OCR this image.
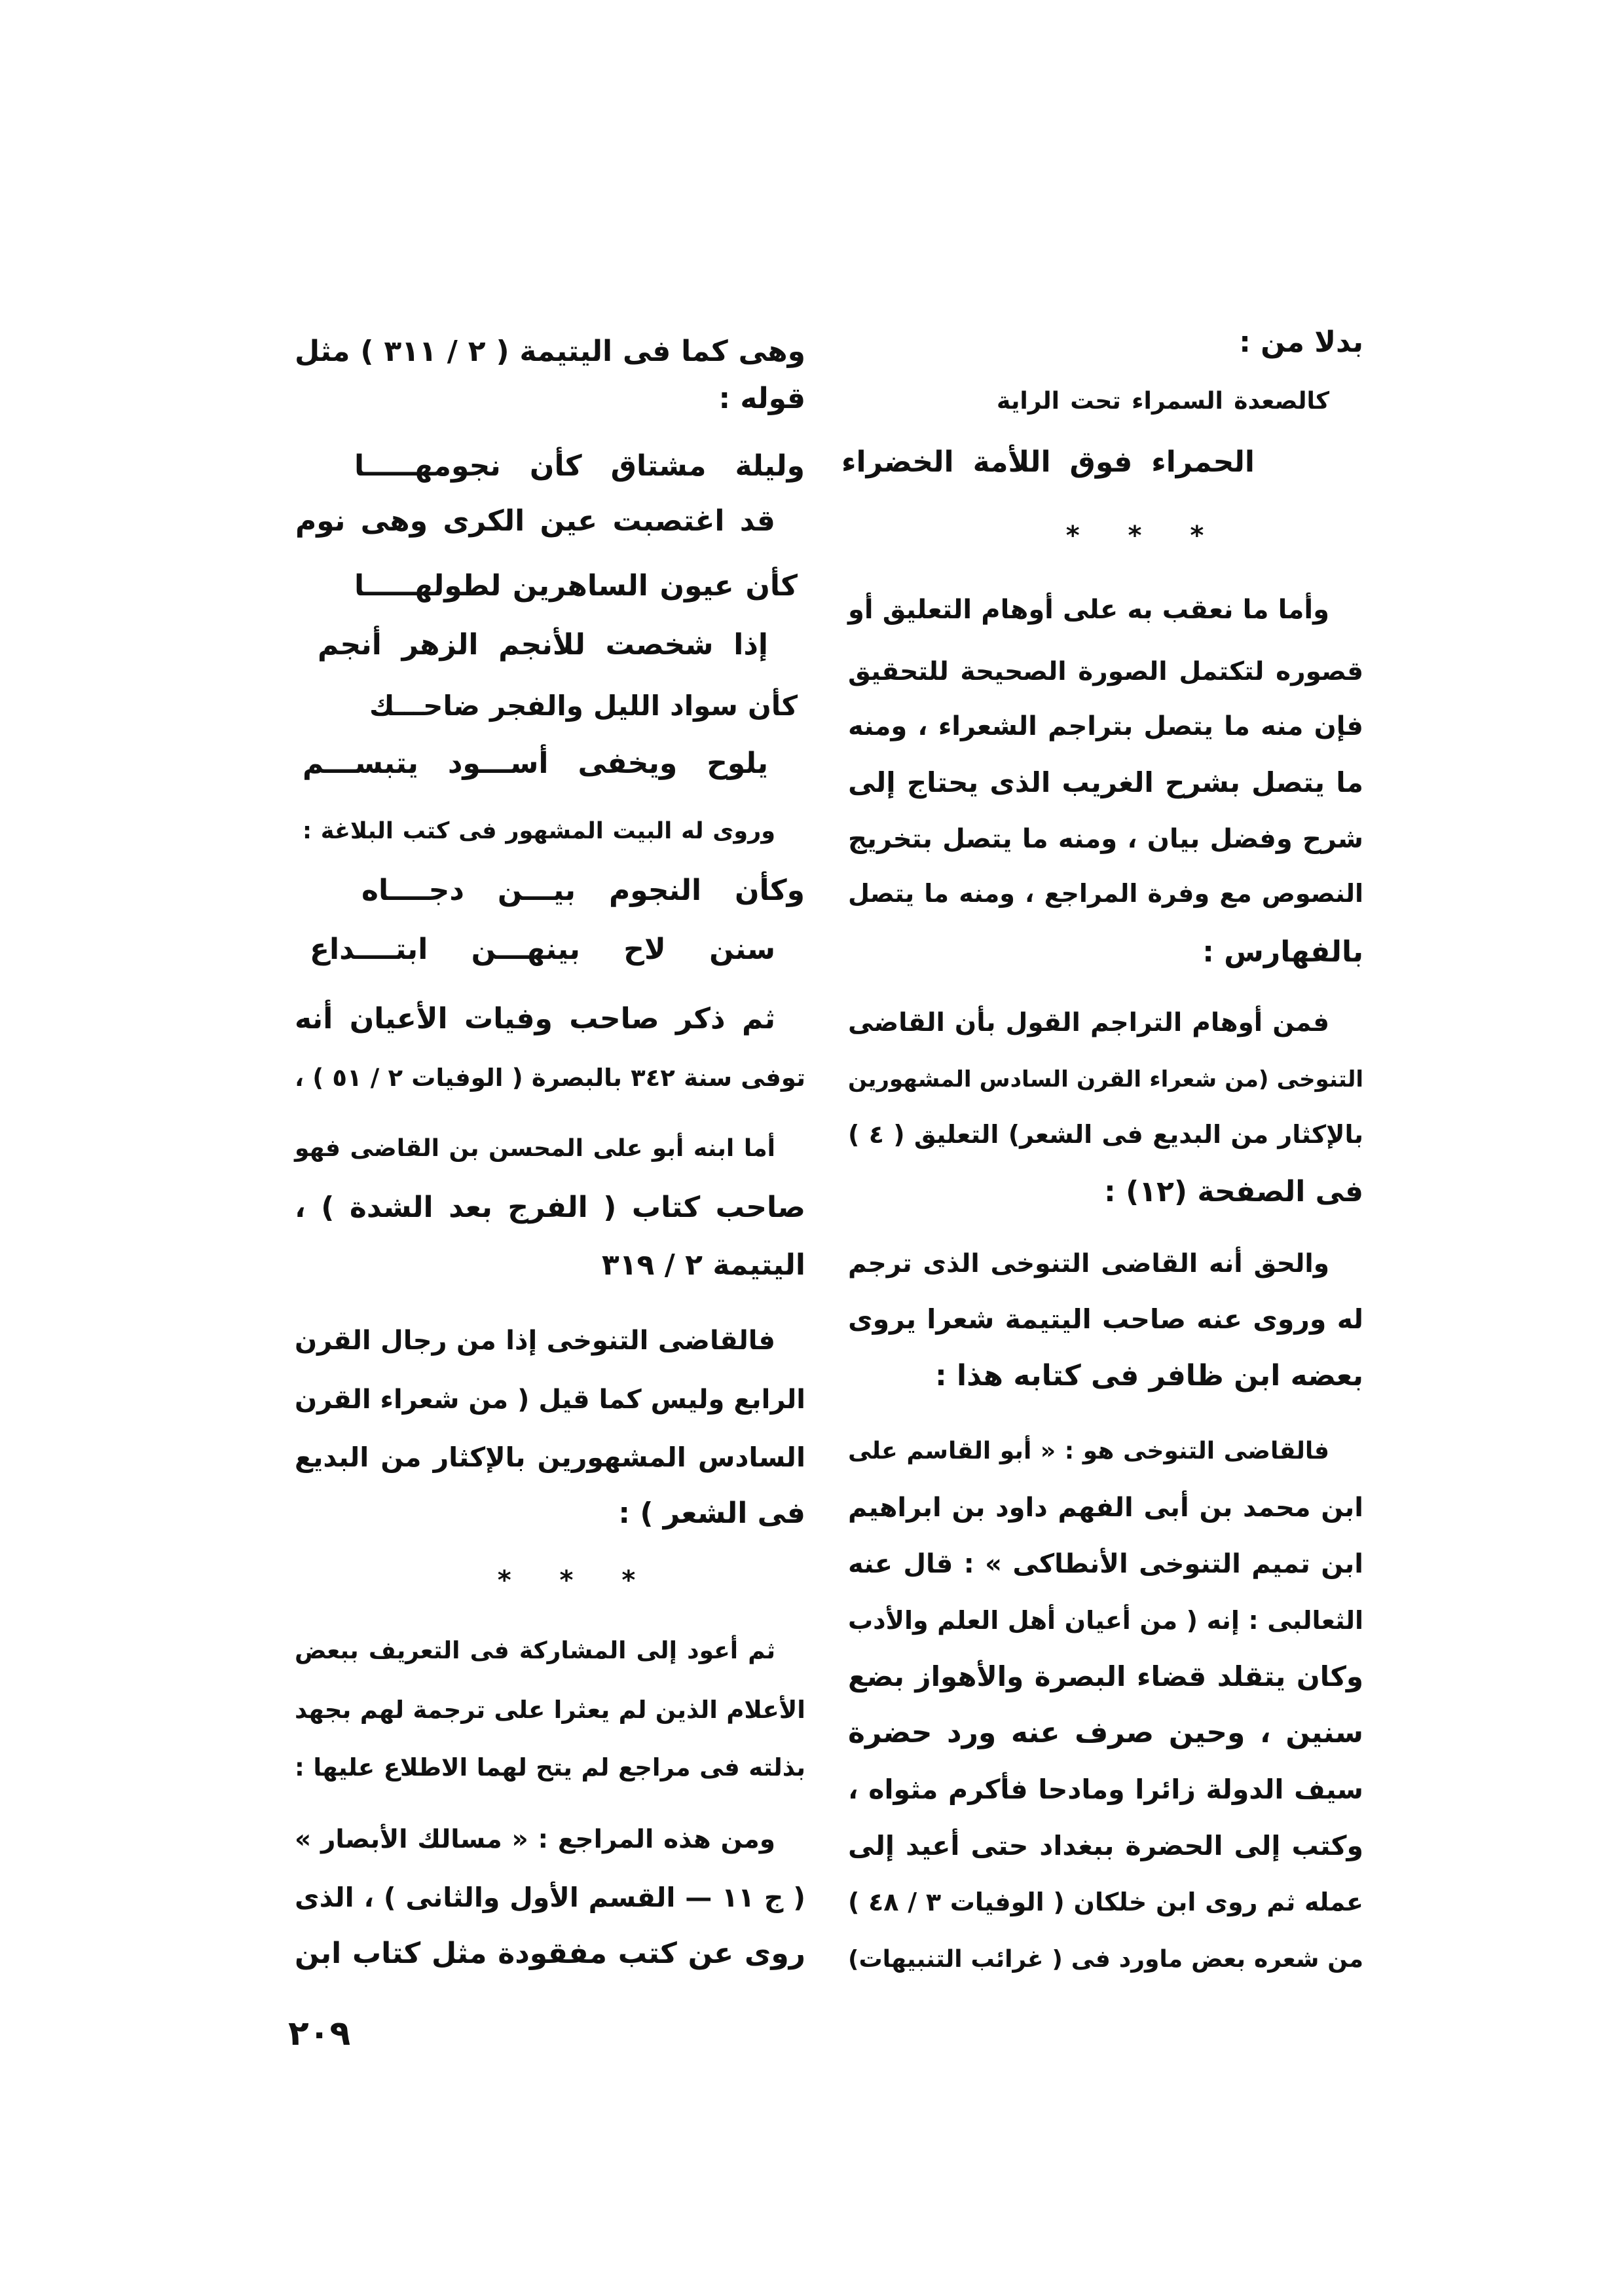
بدلا من :
كالصعدة السمراء تحت الراية
الحمراء فوق اللأمة الخضراء
وأما ما نعقب به على أوهام التعليق أو
قصوره لتكتمل الصورة الصحيحة للتحقيق
فإن منه ما يتصل بتراجم الشعراء ، ومنه
ما يتصل بشرح الغريب الذى يحتاج إلى
شرح وفضل بيان ، ومنه ما يتصل بتخريج
النصوص مع وفرة المراجع ، ومنه ما يتصل
بالفهارس :
فمن أوهام التراجم القول بأن القاضى
التنوخى (من شعراء القرن السادس المشهورين
بالإكثار من البديع فى الشعر) التعليق ( ٤ )
فى الصفحة (١٢) :
والحق أنه القاضى التنوخى الذى ترجم
له وروى عنه صاحب اليتيمة شعرا يروى
بعضه ابن ظافر فى كتابه هذا :
فالقاضى التنوخى هو : « أبو القاسم على
ابن محمد بن أبى الفهم داود بن ابراهيم
ابن تميم التنوخى الأنطاكى » : قال عنه
الثعالبى : إنه ( من أعيان أهل العلم والأدب
وكان يتقلد قضاء البصرة والأهواز بضع
سنين ، وحين صرف عنه ورد حضرة
سيف الدولة زائرا ومادحا فأكرم مثواه ،
وكتب إلى الحضرة ببغداد حتى أعيد إلى
عمله ثم روى ابن خلكان ( الوفيات ٣ / ٤٨ )
من شعره بعض ماورد فى ( غرائب التنبيهات)
وهى كما فى اليتيمة ( ٢ / ٣١١ ) مثل
قوله :
وليلة مشتاق كأن نجومهـــــا
قد اغتصبت عين الكرى وهى نوم
كأن عيون الساهرين لطولهـــــا
إذا شخصت للأنجم الزهر أنجم
كأن سواد الليل والفجر ضاحـــك
يلوح ويخفى أســـود يتبســـم
وروى له البيت المشهور فى كتب البلاغة :
وكأن النجوم بيـــن دجــــاه
سنن لاح بينهـــن ابتــــداع
ثم ذكر صاحب وفيات الأعيان أنه
توفى سنة ٣٤٢ بالبصرة ( الوفيات ٢ / ٥١ ) ،
أما ابنه أبو على المحسن بن القاضى فهو
صاحب كتاب ( الفرج بعد الشدة ) ،
اليتيمة ٢ / ٣١٩
فالقاضى التنوخى إذا من رجال القرن
الرابع وليس كما قيل ( من شعراء القرن
السادس المشهورين بالإكثار من البديع
فى الشعر ) :
ثم أعود إلى المشاركة فى التعريف ببعض
الأعلام الذين لم يعثرا على ترجمة لهم بجهد
بذلته فى مراجع لم يتح لهما الاطلاع عليها :
ومن هذه المراجع : « مسالك الأبصار »
( ج ١١ — القسم الأول والثانى ) ، الذى
روى عن كتب مفقودة مثل كتاب ابن
* * *
* * *
٢٠٩
